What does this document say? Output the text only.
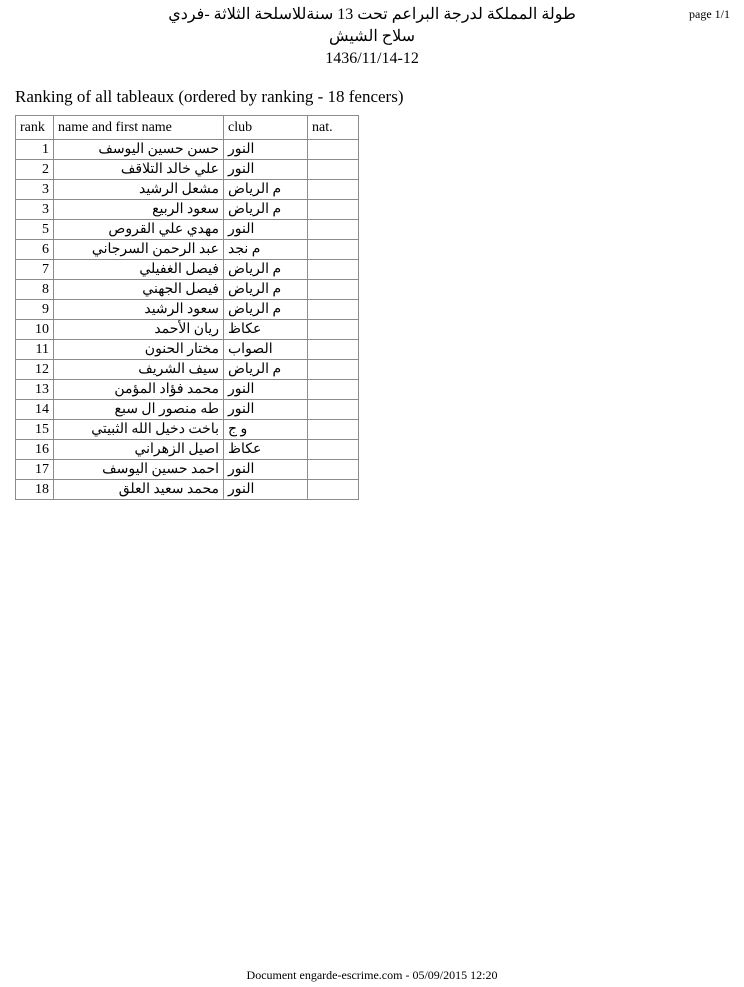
page 1/1
طولة المملكة لدرجة البراعم تحت 13 سنةللاسلحة الثلاثة -فردي
سلاح الشيش
1436/11/14-12
Ranking of all tableaux (ordered by ranking - 18 fencers)
rank	name and first name	club	nat.
1	حسن حسين اليوسف	النور	
2	علي خالد التلاقف	النور	
3	مشعل الرشيد	م الرياض	
3	سعود الربيع	م الرياض	
5	مهدي علي القروص	النور	
6	عبد الرحمن السرجاني	م نجد	
7	فيصل الغفيلي	م الرياض	
8	فيصل الجهني	م الرياض	
9	سعود الرشيد	م الرياض	
10	ريان الأحمد	عكاظ	
11	مختار الحنون	الصواب	
12	سيف الشريف	م الرياض	
13	محمد فؤاد المؤمن	النور	
14	طه منصور ال سبع	النور	
15	باخت دخيل الله الثبيتي	و ج	
16	اصيل الزهراني	عكاظ	
17	احمد حسين اليوسف	النور	
18	محمد سعيد العلق	النور	
Document engarde-escrime.com - 05/09/2015 12:20
